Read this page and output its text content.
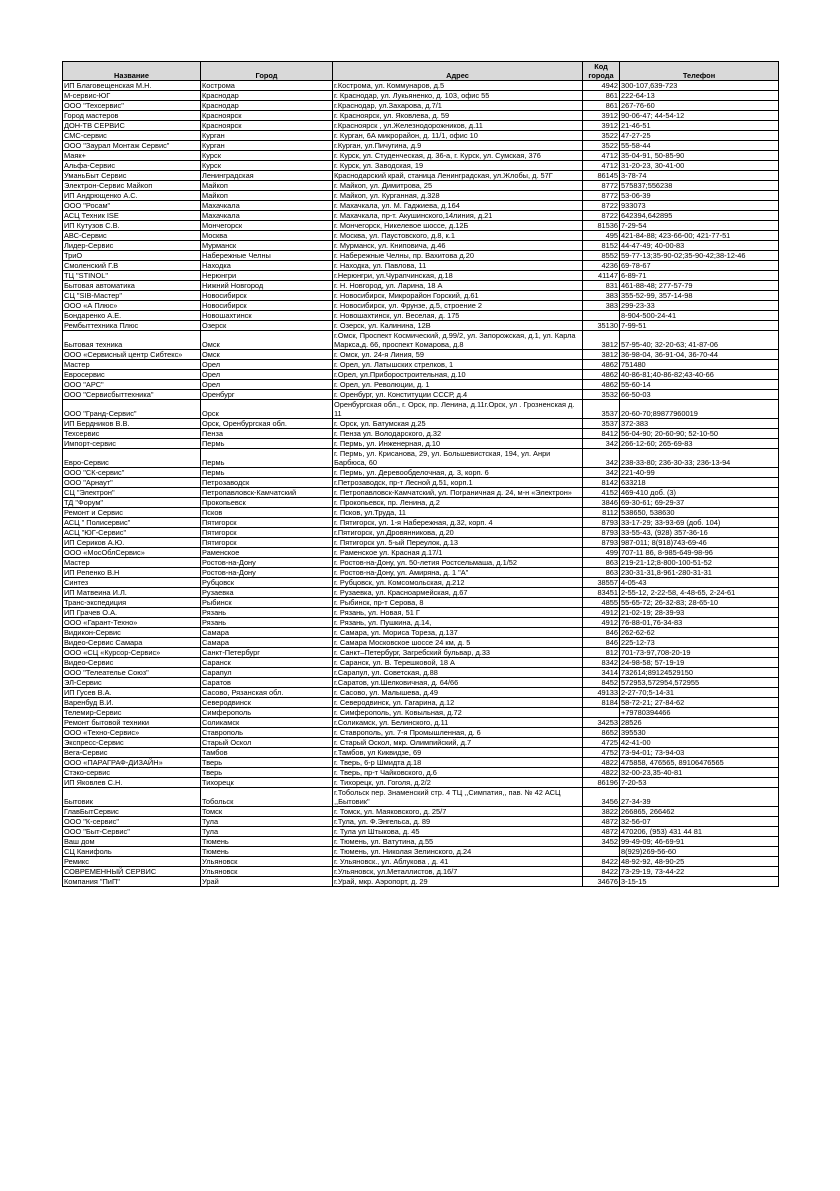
Название	Город	Адрес	Код города	Телефон
ИП Благовещенская М.Н.	Кострома	г.Кострома, ул. Коммунаров, д.5	4942	300-107,639-723
М-сервис-ЮГ	Краснодар	г. Краснодар, ул. Лукьяненко, д. 103, офис 55	861	222-64-13
ООО "Техсервис"	Краснодар	г.Краснодар, ул.Захарова, д.7/1	861	267-76-60
Город мастеров	Красноярск	г. Красноярск, ул. Яковлева, д. 59	3912	90-06-47; 44-54-12
ДОН-ТВ СЕРВИС	Красноярск	г.Красноярск , ул.Железнодорожников, д.11	3912	21-46-51
СМС-сервис	Курган	г. Курган, 6А микрорайон, д. 11/1, офис 10	3522	47-27-25
ООО "Заурал Монтаж Сервис"	Курган	г.Курган, ул.Пичугина, д.9	3522	55-58-44
Маяк+	Курск	г. Курск, ул. Студенческая, д. 36-а, г. Курск, ул. Сумская, 376	4712	35-04-91, 50-85-90
Альфа-Сервис	Курск	г. Курск, ул. Заводская, 19	4712	31-20-23, 30-41-00
УманьБыт Сервис	Ленинградская	Краснодарский край, станица Ленинградская, ул.Жлобы, д. 57Г	86145	3-78-74
Электрон-Сервис Майкоп	Майкоп	г. Майкоп, ул. Димитрова, 25	8772	575837;556238
ИП Андрющенко А.С.	Майкоп	г. Майкоп, ул. Курганная, д.328	8772	53-06-39
ООО "Росам"	Махачкала	г. Махачкала, ул. М. Гаджиева, д.164	8722	933073
АСЦ Техник ISE	Махачкала	г. Махачкала, пр-т. Акушинского,14линия, д.21	8722	642394,642895
ИП Кутузов С.В.	Мончегорск	г. Мончегорск, Никелевое шоссе, д.12Б	81536	7-29-54
АВС-Сервис	Москва	г. Москва, ул. Паустовского, д.8, к.1	495	421-84-88; 423-66-00; 421-77-51
Лидер-Сервис	Мурманск	г. Мурманск, ул. Книповича, д.46	8152	44-47-49; 40-00-83
ТриО	Набережные Челны	г. Набережные Челны, пр. Вахитова д.20	8552	59-77-13;35-90-02;35-90-42;38-12-46
Смоленский Г.В	Находка	г. Находка, ул. Павлова, 11	4236	69-78-67
ТЦ "STINOL"	Нерюнгри	г.Нерюнгри, ул.Чурапчинская, д.18	41147	6-89-71
Бытовая автоматика	Нижний Новгород	г. Н. Новгород, ул. Ларина, 18 А	831	461-88-48; 277-57-79
СЦ "SIB-Мастер"	Новосибирск	г. Новосибирск, Микрорайон Горский, д.61	383	355-52-99, 357-14-98
ООО «А Плюс»	Новосибирск	г. Новосибирск, ул. Фрунзе, д.5, строение 2	383	299-23-33
Бондаренко А.Е.	Новошахтинск	г. Новошахтинск, ул. Веселая, д. 175		8-904-500-24-41
Рембыттехника Плюс	Озерск	г. Озерск, ул. Калинина, 12В	35130	7-99-51
Бытовая техника	Омск	г.Омск, Проспект Космический, д.99/2, ул. Запорожская, д.1, ул. Карла Маркса,д. 66, проспект Комарова, д.8	3812	57-95-40; 32-20-63; 41-87-06
ООО «Сервисный центр Сибтекс»	Омск	г. Омск, ул. 24-я Линия, 59	3812	36-98-04, 36-91-04, 36-70-44
Мастер	Орел	г. Орел, ул. Латышских стрелков, 1	4862	751480
Евросервис	Орел	г.Орел, ул.Приборостроительная, д.10	4862	40-86-81;40-86-82;43-40-66
ООО "АРС"	Орел	г. Орел, ул. Революции, д. 1	4862	55-60-14
ООО "Сервисбыттехника"	Оренбург	г. Оренбург, ул. Конституции СССР, д.4	3532	66-50-03
ООО "Гранд-Сервис"	Орск	Оренбургская обл., г. Орск, пр. Ленина, д.11г.Орск, ул . Грозненская д. 11	3537	20-60-70;89877960019
ИП Бердников В.В.	Орск, Оренбургская обл.	г. Орск, ул. Батумская д.25	3537	372-383
Техсервис	Пенза	г. Пенза ул. Володарского, д.32	8412	56-04-90; 20-60-90; 52-10-50
Импорт-сервис	Пермь	г. Пермь, ул. Инженерная, д.10	342	266-12-60; 265-69-83
Евро-Сервис	Пермь	г. Пермь, ул. Крисанова, 29, ул. Большевистская, 194, ул. Анри Барбюса, 60	342	238-33-80; 236-30-33; 236-13-94
ООО "СК-сервис"	Пермь	г. Пермь, ул. Деревообделочная, д. 3, корп. 6	342	221-40-99
ООО "Арнаут"	Петрозаводск	г.Петрозаводск, пр-т Лесной д.51, корп.1	8142	633218
СЦ "Электрон"	Петропавловск-Камчатский	г. Петропавловск-Камчатский, ул. Пограничная д. 24, м-н «Электрон»	4152	469-410 доб. (3)
ТД "Форум"	Прокопьевск	г. Прокопьевск, пр. Ленина, д.2	3846	69-30-61; 69-29-37
Ремонт и Сервис	Псков	г. Псков, ул.Труда, 11	8112	538650, 538630
АСЦ " Полисервис"	Пятигорск	г. Пятигорск, ул. 1-я Набережная, д.32, корп. 4	8793	33-17-29; 33-93-69 (доб. 104)
АСЦ "ЮГ-Сервис"	Пятигорск	г.Пятигорск, ул.Дровянникова, д.20	8793	33-55-43, (928) 357-36-16
ИП Сериков А.Ю.	Пятигорск	г. Пятигорск ул. 5-ый Переулок, д.13	8793	987-011; 8(918)743-69-46
ООО «МосОблСервис»	Раменское	г. Раменское ул. Красная д.17/1	499	707-11 86, 8-985-649-98-96
Мастер	Ростов-на-Дону	г. Ростов-на-Дону, ул. 50-летия Ростсельмаша, д.1/52	863	219-21-12;8-800-100-51-52
ИП Репенко В.Н	Ростов-на-Дону	г. Ростов-на-Дону, ул. Амиряна, д. 1 "А"	863	230-31-31,8-961-280-31-31
Синтез	Рубцовск	г. Рубцовск, ул. Комсомольская, д.212	38557	4-05-43
ИП Матвеина И.Л.	Рузаевка	г. Рузаевка, ул. Красноармейская, д.67	83451	2-55-12, 2-22-58, 4-48-65, 2-24-61
Транс-экспедиция	Рыбинск	г. Рыбинск, пр-т Серова, 8	4855	55-65-72; 26-32-83; 28-65-10
ИП Грачев О.А.	Рязань	г. Рязань, ул. Новая, 51 Г	4912	21-02-19; 28-39-93
ООО «Гарант-Техно»	Рязань	г. Рязань, ул. Пушкина, д.14,	4912	76-88-01,76-34-83
Видикон-Сервис	Самара	г. Самара, ул. Мориса Тореза, д.137	846	262-62-62
Видео-Сервис Самара	Самара	г. Самара Московское шоссе 24 км, д. 5	846	225-12-73
ООО «СЦ «Курсор-Сервис»	Санкт-Петербург	г. Санкт–Петербург, Загребский бульвар, д.33	812	701-73-97,708-20-19
Видео-Сервис	Саранск	г. Саранск, ул. В. Терешковой, 18 А	8342	24-98-58; 57-19-19
ООО "Телеателье Союз"	Сарапул	г.Сарапул, ул. Советская, д.88	3414	732614;89124529150
ЭЛ-Сервис	Саратов	г.Саратов, ул.Шелковичная, д. 64/66	8452	572953,572954,572955
ИП Гусев В.А.	Сасово, Рязанская обл.	г. Сасово, ул. Малышева, д.49	49133	2-27-70;5-14-31
Варенбуд В.И.	Северодвинск	г. Северодвинск, ул. Гагарина, д.12	8184	58-72-21; 27-84-62
Телемир-Сервис	Симферополь	г. Симферополь, ул. Ковыльная, д.72		+79780394466
Ремонт бытовой техники	Соликамск	г.Соликамск, ул. Белинского, д.11	34253	28526
ООО «Техно-Сервис»	Ставрополь	г. Ставрополь, ул. 7-я Промышленная, д. 6	8652	395530
Экспресс-Сервис	Старый Оскол	г. Старый Оскол, мкр. Олимпийский, д.7	4725	42-41-00
Вега-Сервис	Тамбов	г.Тамбов, ул Киквидзе, 69	4752	73-94-01; 73-94-03
ООО «ПАРАГРАФ-ДИЗАЙН»	Тверь	г. Тверь, 6-р Шмидта д.18	4822	475858, 476565, 89106476565
Стэко-сервис	Тверь	г. Тверь, пр-т Чайковского, д.6	4822	32-00-23,35-40-81
ИП Яковлев С.Н.	Тихорецк	г. Тихорецк, ул. Гоголя, д.2/2	86196	7-20-53
Бытовик	Тобольск	г.Тобольск пер. Знаменский стр. 4 ТЦ ,,Симпатия,, пав. № 42 АСЦ ,,Бытовик"	3456	27-34-39
ГлавБытСервис	Томск	г. Томск, ул. Маяковского, д. 25/7	3822	266865, 266462
ООО "К-сервис"	Тула	г.Тула, ул. Ф.Энгельса, д. 89	4872	32-56-07
ООО "Быт-Сервис"	Тула	г. Тула ул Штыкова, д. 45	4872	470206, (953) 431 44 81
Ваш дом	Тюмень	г. Тюмень, ул. Ватутина, д.55	3452	99-49-09; 46-69-91
СЦ Канифоль	Тюмень	г. Тюмень, ул. Николая Зелинского, д.24		8(929)269-56-60
Ремикс	Ульяновск	г. Ульяновск., ул. Аблукова , д. 41	8422	48-92-92, 48-90-25
СОВРЕМЕННЫЙ СЕРВИС	Ульяновск	г.Ульяновск, ул.Металлистов, д.16/7	8422	73-29-19, 73-44-22
Компания "ПиП"	Урай	г.Урай, мкр. Аэропорт, д. 29	34676	3-15-15
